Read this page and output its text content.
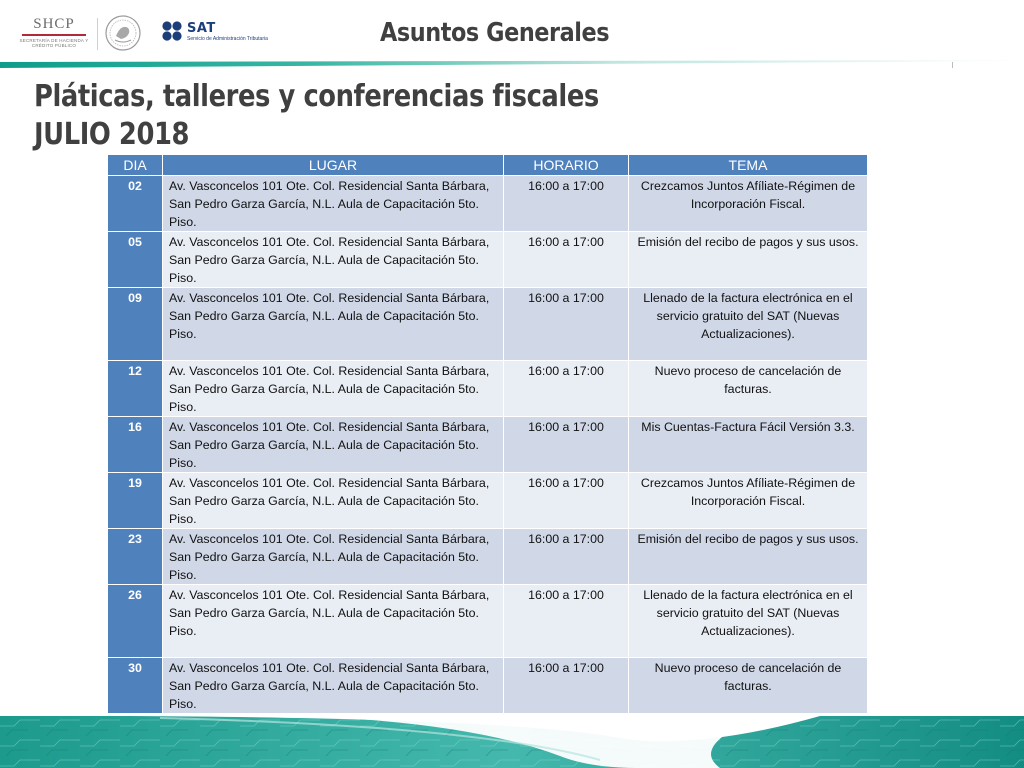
SHCP
SECRETARÍA DE HACIENDA Y CRÉDITO PÚBLICO
SAT
Servicio de Administración Tributaria	Asuntos Generales
Pláticas, talleres y conferencias fiscales JULIO 2018
DIA	LUGAR	HORARIO	TEMA
02	Av. Vasconcelos 101 Ote. Col. Residencial Santa Bárbara, San Pedro Garza García, N.L. Aula de Capacitación 5to. Piso.	16:00 a 17:00	Crezcamos Juntos Afíliate-Régimen de Incorporación Fiscal.
05	Av. Vasconcelos 101 Ote. Col. Residencial Santa Bárbara, San Pedro Garza García, N.L. Aula de Capacitación 5to. Piso.	16:00 a 17:00	Emisión del recibo de pagos y sus usos.
09	Av. Vasconcelos 101 Ote. Col. Residencial Santa Bárbara, San Pedro Garza García, N.L. Aula de Capacitación 5to. Piso.	16:00 a 17:00	Llenado de la factura electrónica en el servicio gratuito del SAT (Nuevas Actualizaciones).
12	Av. Vasconcelos 101 Ote. Col. Residencial Santa Bárbara, San Pedro Garza García, N.L. Aula de Capacitación 5to. Piso.	16:00 a 17:00	Nuevo proceso de cancelación de facturas.
16	Av. Vasconcelos 101 Ote. Col. Residencial Santa Bárbara, San Pedro Garza García, N.L. Aula de Capacitación 5to. Piso.	16:00 a 17:00	Mis Cuentas-Factura Fácil Versión 3.3.
19	Av. Vasconcelos 101 Ote. Col. Residencial Santa Bárbara, San Pedro Garza García, N.L. Aula de Capacitación 5to. Piso.	16:00 a 17:00	Crezcamos Juntos Afíliate-Régimen de Incorporación Fiscal.
23	Av. Vasconcelos 101 Ote. Col. Residencial Santa Bárbara, San Pedro Garza García, N.L. Aula de Capacitación 5to. Piso.	16:00 a 17:00	Emisión del recibo de pagos y sus usos.
26	Av. Vasconcelos 101 Ote. Col. Residencial Santa Bárbara, San Pedro Garza García, N.L. Aula de Capacitación 5to. Piso.	16:00 a 17:00	Llenado de la factura electrónica en el servicio gratuito del SAT (Nuevas Actualizaciones).
30	Av. Vasconcelos 101 Ote. Col. Residencial Santa Bárbara, San Pedro Garza García, N.L. Aula de Capacitación 5to. Piso.	16:00 a 17:00	Nuevo proceso de cancelación de facturas.
